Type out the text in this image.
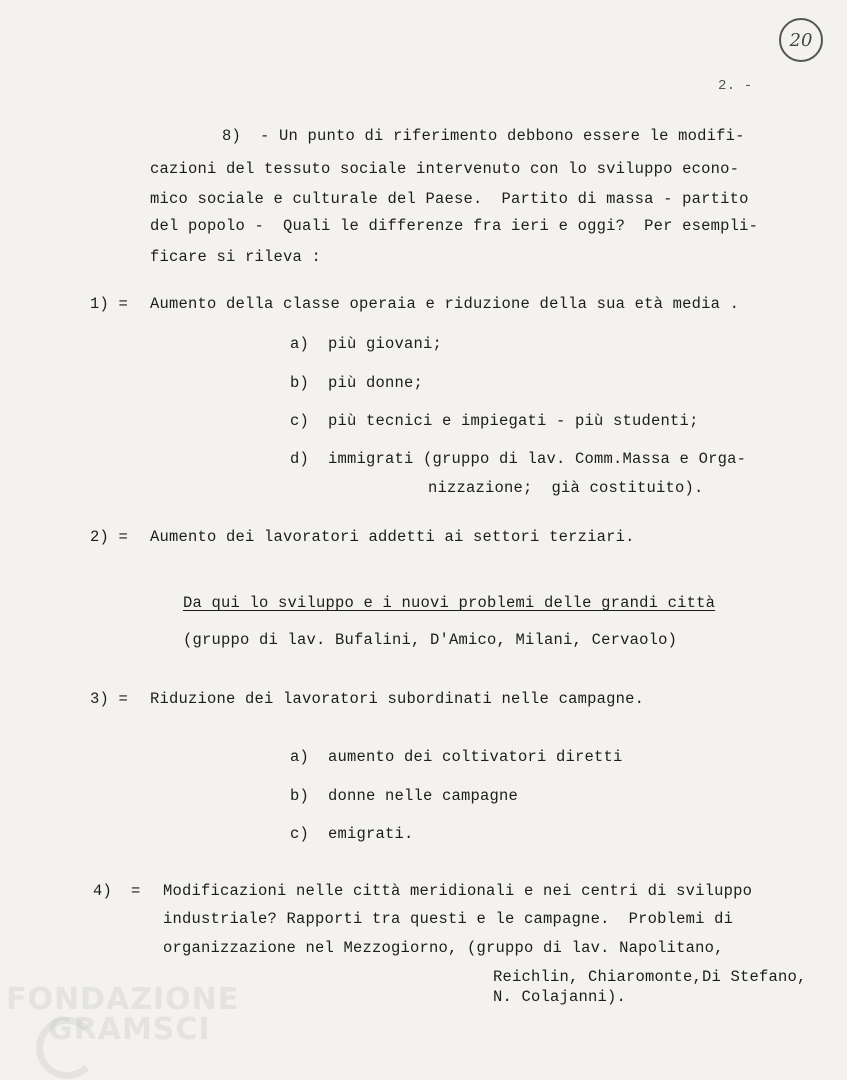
20
2. -
8)  - Un punto di riferimento debbono essere le modifi-
cazioni del tessuto sociale intervenuto con lo sviluppo econo-
mico sociale e culturale del Paese.  Partito di massa - partito
del popolo -  Quali le differenze fra ieri e oggi?  Per esempli-
ficare si rileva :
1) = Aumento della classe operaia e riduzione della sua età media .
a)  più giovani;
b)  più donne;
c)  più tecnici e impiegati - più studenti;
d)  immigrati (gruppo di lav. Comm.Massa e Orga-
nizzazione;  già costituito).
2) = Aumento dei lavoratori addetti ai settori terziari.
Da qui lo sviluppo e i nuovi problemi delle grandi città
(gruppo di lav. Bufalini, D'Amico, Milani, Cervaolo)
3) = Riduzione dei lavoratori subordinati nelle campagne.
a)  aumento dei coltivatori diretti
b)  donne nelle campagne
c)  emigrati.
4)  = Modificazioni nelle città meridionali e nei centri di sviluppo
industriale? Rapporti tra questi e le campagne.  Problemi di
organizzazione nel Mezzogiorno, (gruppo di lav. Napolitano,
Reichlin, Chiaromonte,Di Stefano,
N. Colajanni).
FONDAZIONE
GRAMSCI
